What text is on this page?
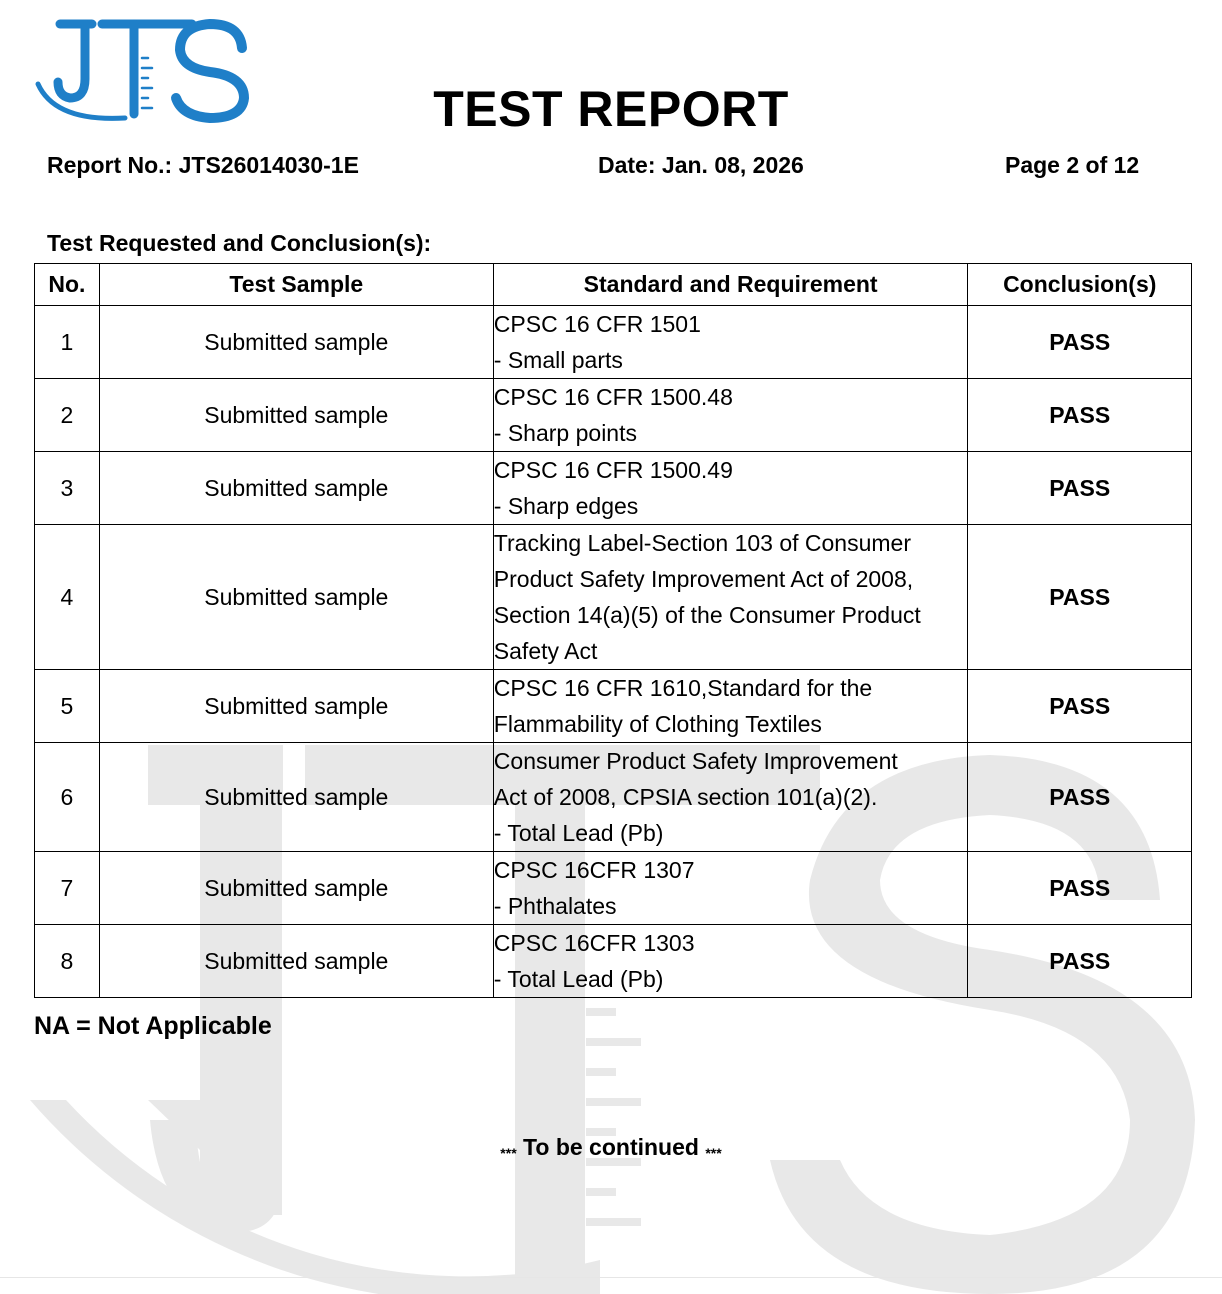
TEST REPORT
Report No.: JTS26014030-1E	Date: Jan. 08, 2026	Page 2 of 12
Test Requested and Conclusion(s):
No.	Test Sample	Standard and Requirement	Conclusion(s)
1	Submitted sample	CPSC 16 CFR 1501
- Small parts	PASS
2	Submitted sample	CPSC 16 CFR 1500.48
- Sharp points	PASS
3	Submitted sample	CPSC 16 CFR 1500.49
- Sharp edges	PASS
4	Submitted sample	Tracking Label-Section 103 of Consumer
Product Safety Improvement Act of 2008,
Section 14(a)(5) of the Consumer Product
Safety Act	PASS
5	Submitted sample	CPSC 16 CFR 1610,Standard for the
Flammability of Clothing Textiles	PASS
6	Submitted sample	Consumer Product Safety Improvement
Act of 2008, CPSIA section 101(a)(2).
- Total Lead (Pb)	PASS
7	Submitted sample	CPSC 16CFR 1307
- Phthalates	PASS
8	Submitted sample	CPSC 16CFR 1303
- Total Lead (Pb)	PASS
NA = Not Applicable
*** To be continued ***
